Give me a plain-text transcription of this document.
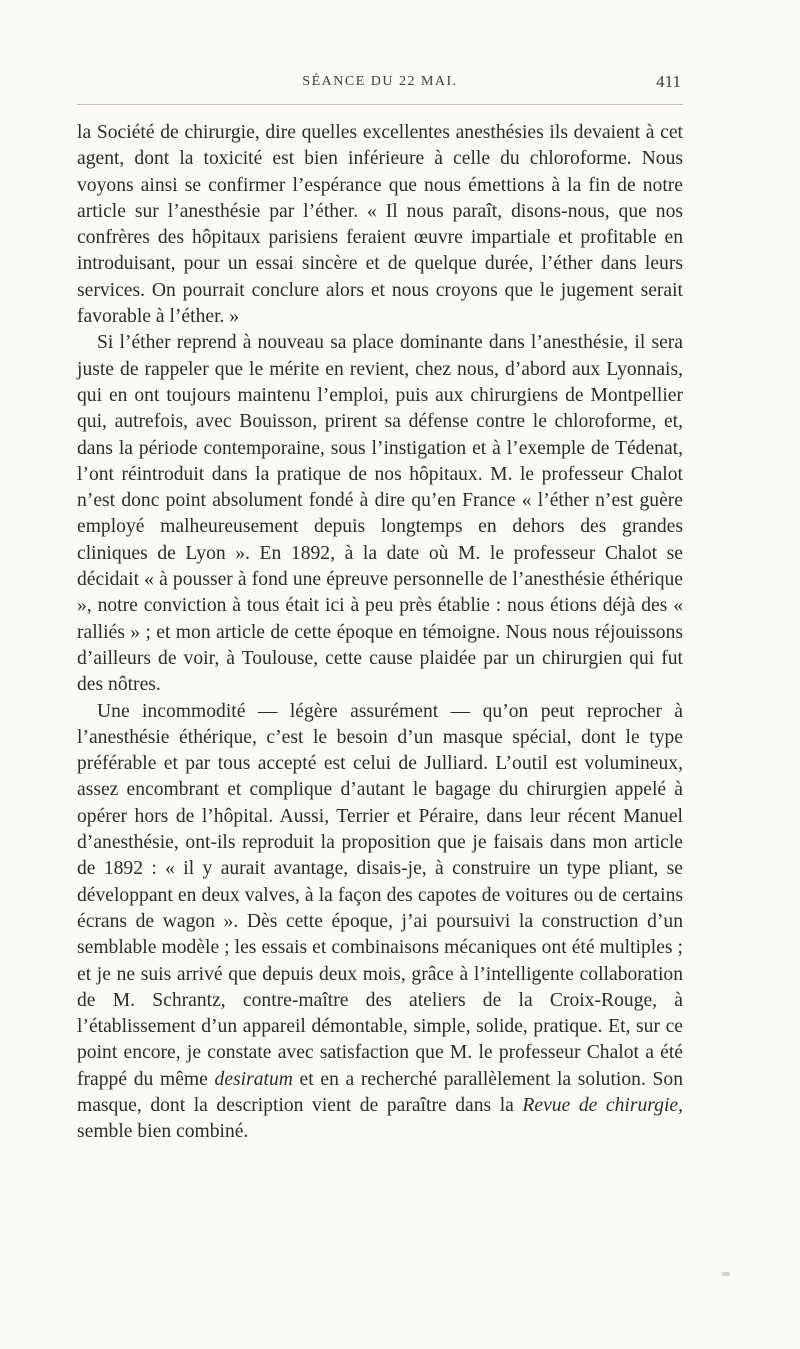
SÉANCE DU 22 MAI.	411

la Société de chirurgie, dire quelles excellentes anesthésies ils devaient à cet agent, dont la toxicité est bien inférieure à celle du chloroforme. Nous voyons ainsi se confirmer l’espérance que nous émettions à la fin de notre article sur l’anesthésie par l’éther. « Il nous paraît, disons-nous, que nos confrères des hôpitaux parisiens feraient œuvre impartiale et profitable en introduisant, pour un essai sincère et de quelque durée, l’éther dans leurs services. On pourrait conclure alors et nous croyons que le jugement serait favorable à l’éther. »

Si l’éther reprend à nouveau sa place dominante dans l’anesthésie, il sera juste de rappeler que le mérite en revient, chez nous, d’abord aux Lyonnais, qui en ont toujours maintenu l’emploi, puis aux chirurgiens de Montpellier qui, autrefois, avec Bouisson, prirent sa défense contre le chloroforme, et, dans la période contemporaine, sous l’instigation et à l’exemple de Tédenat, l’ont réintroduit dans la pratique de nos hôpitaux. M. le professeur Chalot n’est donc point absolument fondé à dire qu’en France « l’éther n’est guère employé malheureusement depuis longtemps en dehors des grandes cliniques de Lyon ». En 1892, à la date où M. le professeur Chalot se décidait « à pousser à fond une épreuve personnelle de l’anesthésie éthérique », notre conviction à tous était ici à peu près établie : nous étions déjà des « ralliés » ; et mon article de cette époque en témoigne. Nous nous réjouissons d’ailleurs de voir, à Toulouse, cette cause plaidée par un chirurgien qui fut des nôtres.

Une incommodité — légère assurément — qu’on peut reprocher à l’anesthésie éthérique, c’est le besoin d’un masque spécial, dont le type préférable et par tous accepté est celui de Julliard. L’outil est volumineux, assez encombrant et complique d’autant le bagage du chirurgien appelé à opérer hors de l’hôpital. Aussi, Terrier et Péraire, dans leur récent Manuel d’anesthésie, ont-ils reproduit la proposition que je faisais dans mon article de 1892 : « il y aurait avantage, disais-je, à construire un type pliant, se développant en deux valves, à la façon des capotes de voitures ou de certains écrans de wagon ». Dès cette époque, j’ai poursuivi la construction d’un semblable modèle ; les essais et combinaisons mécaniques ont été multiples ; et je ne suis arrivé que depuis deux mois, grâce à l’intelligente collaboration de M. Schrantz, contre-maître des ateliers de la Croix-Rouge, à l’établissement d’un appareil démontable, simple, solide, pratique. Et, sur ce point encore, je constate avec satisfaction que M. le professeur Chalot a été frappé du même desiratum et en a recherché parallèlement la solution. Son masque, dont la description vient de paraître dans la Revue de chirurgie, semble bien combiné.
